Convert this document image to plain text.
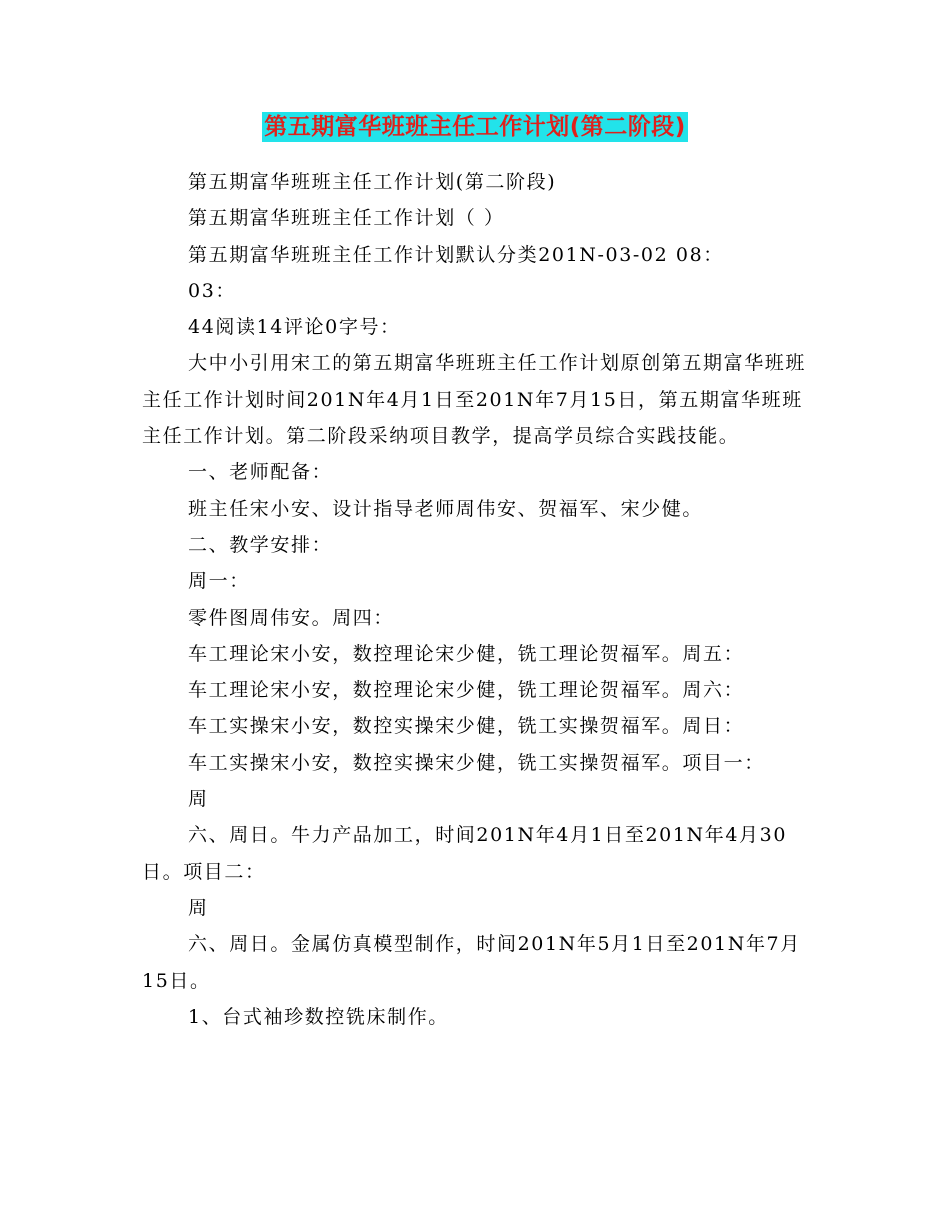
第五期富华班班主任工作计划(第二阶段)

第五期富华班班主任工作计划(第二阶段)

第五期富华班班主任工作计划（ ）

第五期富华班班主任工作计划默认分类201N-03-02 08：

03：

44阅读14评论0字号：

大中小引用宋工的第五期富华班班主任工作计划原创第五期富华班班主任工作计划时间201N年4月1日至201N年7月15日，第五期富华班班主任工作计划。第二阶段采纳项目教学，提高学员综合实践技能。

一、老师配备：

班主任宋小安、设计指导老师周伟安、贺福军、宋少健。

二、教学安排：

周一：

零件图周伟安。周四：

车工理论宋小安，数控理论宋少健，铣工理论贺福军。周五：

车工理论宋小安，数控理论宋少健，铣工理论贺福军。周六：

车工实操宋小安，数控实操宋少健，铣工实操贺福军。周日：

车工实操宋小安，数控实操宋少健，铣工实操贺福军。项目一：

周

六、周日。牛力产品加工，时间201N年4月1日至201N年4月30日。项目二：

周

六、周日。金属仿真模型制作，时间201N年5月1日至201N年7月15日。

1、台式袖珍数控铣床制作。
